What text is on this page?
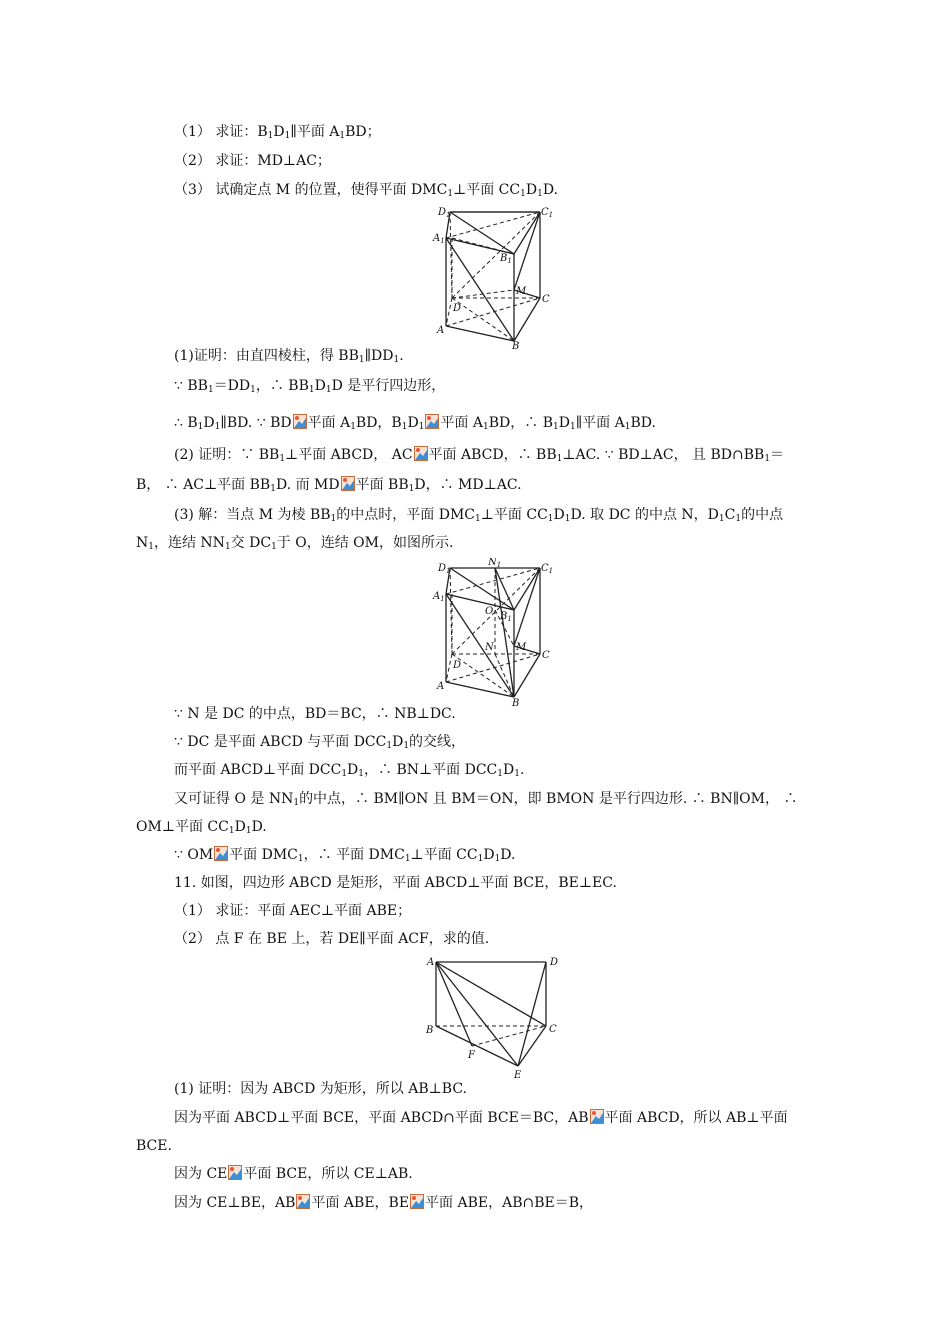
（1） 求证：$B_1D_1\parallel$平面 $A_1BD$；
（2） 求证：MD⊥AC；
（3） 试确定点 M 的位置，使得平面 $DMC_1\perp$平面 $CC_1D_1D$.
$D_1$	$C_1$
$A_1$
$B_1$
M
C
D
A
B
(1)证明：由直四棱柱，得 $BB_1\parallel DD_1$.
∵ $BB_1=DD_1$，∴ $BB_1D_1D$ 是平行四边形，
∴ $B_1D_1\parallel BD$. ∵ BD 平面 $A_1BD$，$B_1D_1$ 平面 $A_1BD$，∴ $B_1D_1\parallel$平面 $A_1BD$.
(2) 证明：∵ $BB_1\perp$平面 ABCD， AC 平面 ABCD，∴ $BB_1\perp AC$. ∵ BD⊥AC， 且 $BD\cap BB_1=$
B， ∴ AC⊥平面 $BB_1D$. 而 MD 平面 $BB_1D$，∴ MD⊥AC.
(3) 解：当点 M 为棱 $BB_1$的中点时，平面 $DMC_1\perp$平面 $CC_1D_1D$. 取 DC 的中点 N，$D_1C_1$的中点
$N_1$，连结 $NN_1$交 $DC_1$于 O，连结 OM，如图所示.
$D_1$
$N_1$	$C_1$
$A_1$
O $B_1$
N M
C
D
A
B
∵ N 是 DC 的中点，BD＝BC，∴ NB⊥DC.
∵ DC 是平面 ABCD 与平面 $DCC_1D_1$的交线，
而平面 ABCD⊥平面 $DCC_1D_1$，∴ BN⊥平面 $DCC_1D_1$.
又可证得 O 是 $NN_1$的中点，∴ BM∥ON 且 BM＝ON，即 BMON 是平行四边形. ∴ BN∥OM， ∴
OM⊥平面 $CC_1D_1D$.
∵ OM 平面 $DMC_1$，∴ 平面 $DMC_1\perp$平面 $CC_1D_1D$.
11. 如图，四边形 ABCD 是矩形，平面 ABCD⊥平面 BCE，BE⊥EC.
（1） 求证：平面 AEC⊥平面 ABE；
（2） 点 F 在 BE 上，若 DE∥平面 ACF，求的值.
A	D
B	C
F
E
(1) 证明：因为 ABCD 为矩形，所以 AB⊥BC.
因为平面 ABCD⊥平面 BCE，平面 ABCD∩平面 BCE＝BC，AB 平面 ABCD，所以 AB⊥平面
BCE.
因为 CE 平面 BCE，所以 CE⊥AB.
因为 CE⊥BE，AB 平面 ABE，BE 平面 ABE，AB∩BE＝B，
